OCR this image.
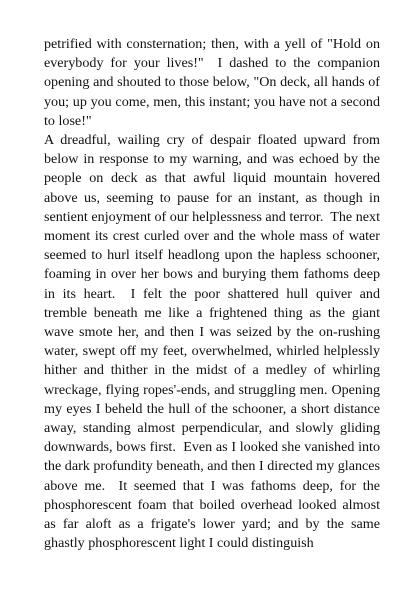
petrified with consternation; then, with a yell of "Hold on everybody for your lives!"  I dashed to the companion opening and shouted to those below, "On deck, all hands of you; up you come, men, this instant; you have not a second to lose!"

A dreadful, wailing cry of despair floated upward from below in response to my warning, and was echoed by the people on deck as that awful liquid mountain hovered above us, seeming to pause for an instant, as though in sentient enjoyment of our helplessness and terror.  The next moment its crest curled over and the whole mass of water seemed to hurl itself headlong upon the hapless schooner, foaming in over her bows and burying them fathoms deep in its heart.  I felt the poor shattered hull quiver and tremble beneath me like a frightened thing as the giant wave smote her, and then I was seized by the on-rushing water, swept off my feet, overwhelmed, whirled helplessly hither and thither in the midst of a medley of whirling wreckage, flying ropes'-ends, and struggling men. Opening my eyes I beheld the hull of the schooner, a short distance away, standing almost perpendicular, and slowly gliding downwards, bows first.  Even as I looked she vanished into the dark profundity beneath, and then I directed my glances above me.  It seemed that I was fathoms deep, for the phosphorescent foam that boiled overhead looked almost as far aloft as a frigate's lower yard; and by the same ghastly phosphorescent light I could distinguish
